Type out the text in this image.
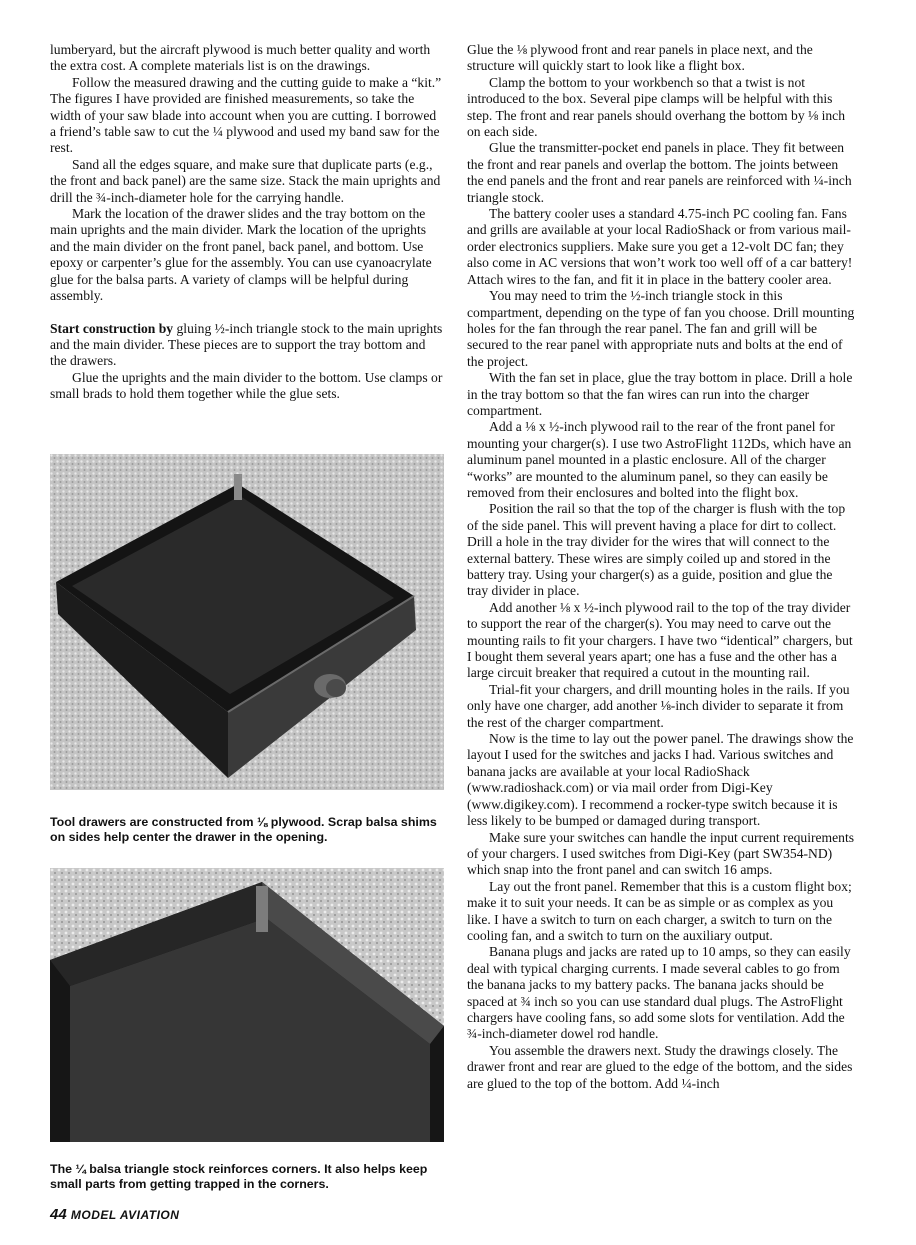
lumberyard, but the aircraft plywood is much better quality and worth the extra cost. A complete materials list is on the drawings.

Follow the measured drawing and the cutting guide to make a “kit.” The figures I have provided are finished measurements, so take the width of your saw blade into account when you are cutting. I borrowed a friend’s table saw to cut the ¼ plywood and used my band saw for the rest.

Sand all the edges square, and make sure that duplicate parts (e.g., the front and back panel) are the same size. Stack the main uprights and drill the ¾-inch-diameter hole for the carrying handle.

Mark the location of the drawer slides and the tray bottom on the main uprights and the main divider. Mark the location of the uprights and the main divider on the front panel, back panel, and bottom. Use epoxy or carpenter’s glue for the assembly. You can use cyanoacrylate glue for the balsa parts. A variety of clamps will be helpful during assembly.

Start construction by gluing ½-inch triangle stock to the main uprights and the main divider. These pieces are to support the tray bottom and the drawers.

Glue the uprights and the main divider to the bottom. Use clamps or small brads to hold them together while the glue sets.

Tool drawers are constructed from ⅛ plywood. Scrap balsa shims on sides help center the drawer in the opening.
The ¼ balsa triangle stock reinforces corners. It also helps keep small parts from getting trapped in the corners.

Glue the ⅛ plywood front and rear panels in place next, and the structure will quickly start to look like a flight box.

Clamp the bottom to your workbench so that a twist is not introduced to the box. Several pipe clamps will be helpful with this step. The front and rear panels should overhang the bottom by ⅛ inch on each side.

Glue the transmitter-pocket end panels in place. They fit between the front and rear panels and overlap the bottom. The joints between the end panels and the front and rear panels are reinforced with ¼-inch triangle stock.

The battery cooler uses a standard 4.75-inch PC cooling fan. Fans and grills are available at your local RadioShack or from various mail-order electronics suppliers. Make sure you get a 12-volt DC fan; they also come in AC versions that won’t work too well off of a car battery! Attach wires to the fan, and fit it in place in the battery cooler area.

You may need to trim the ½-inch triangle stock in this compartment, depending on the type of fan you choose. Drill mounting holes for the fan through the rear panel. The fan and grill will be secured to the rear panel with appropriate nuts and bolts at the end of the project.

With the fan set in place, glue the tray bottom in place. Drill a hole in the tray bottom so that the fan wires can run into the charger compartment.

Add a ⅛ x ½-inch plywood rail to the rear of the front panel for mounting your charger(s). I use two AstroFlight 112Ds, which have an aluminum panel mounted in a plastic enclosure. All of the charger “works” are mounted to the aluminum panel, so they can easily be removed from their enclosures and bolted into the flight box.

Position the rail so that the top of the charger is flush with the top of the side panel. This will prevent having a place for dirt to collect. Drill a hole in the tray divider for the wires that will connect to the external battery. These wires are simply coiled up and stored in the battery tray. Using your charger(s) as a guide, position and glue the tray divider in place.

Add another ⅛ x ½-inch plywood rail to the top of the tray divider to support the rear of the charger(s). You may need to carve out the mounting rails to fit your chargers. I have two “identical” chargers, but I bought them several years apart; one has a fuse and the other has a large circuit breaker that required a cutout in the mounting rail.

Trial-fit your chargers, and drill mounting holes in the rails. If you only have one charger, add another ⅛-inch divider to separate it from the rest of the charger compartment.

Now is the time to lay out the power panel. The drawings show the layout I used for the switches and jacks I had. Various switches and banana jacks are available at your local RadioShack (www.radioshack.com) or via mail order from Digi-Key (www.digikey.com). I recommend a rocker-type switch because it is less likely to be bumped or damaged during transport.

Make sure your switches can handle the input current requirements of your chargers. I used switches from Digi-Key (part SW354-ND) which snap into the front panel and can switch 16 amps.

Lay out the front panel. Remember that this is a custom flight box; make it to suit your needs. It can be as simple or as complex as you like. I have a switch to turn on each charger, a switch to turn on the cooling fan, and a switch to turn on the auxiliary output.

Banana plugs and jacks are rated up to 10 amps, so they can easily deal with typical charging currents. I made several cables to go from the banana jacks to my battery packs. The banana jacks should be spaced at ¾ inch so you can use standard dual plugs. The AstroFlight chargers have cooling fans, so add some slots for ventilation. Add the ¾-inch-diameter dowel rod handle.

You assemble the drawers next. Study the drawings closely. The drawer front and rear are glued to the edge of the bottom, and the sides are glued to the top of the bottom. Add ¼-inch

44 MODEL AVIATION
